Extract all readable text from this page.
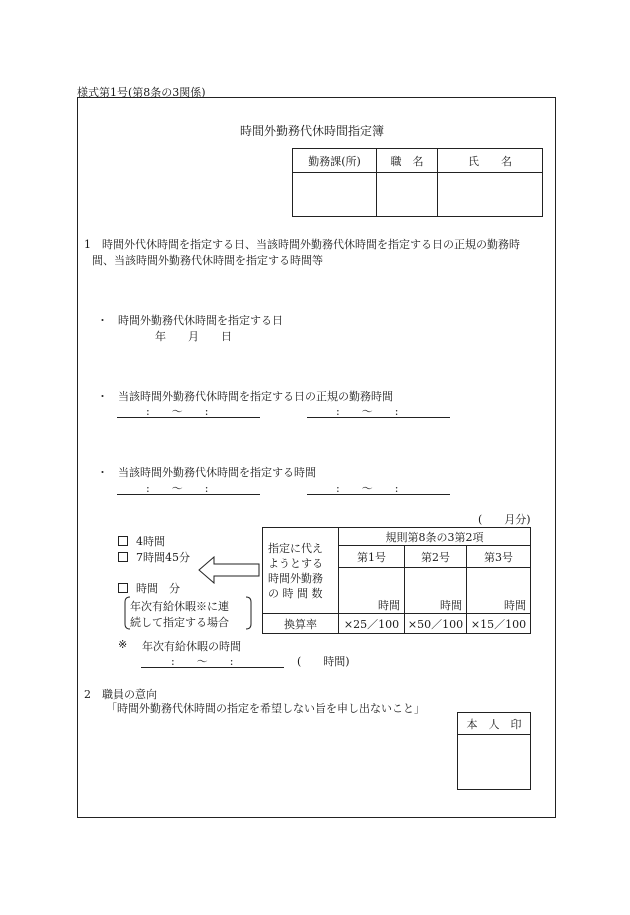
様式第1号(第8条の3関係)
時間外勤務代休時間指定簿
勤務課(所)	職　名	氏　　名

1　時間外代休時間を指定する日、当該時間外勤務代休時間を指定する日の正規の勤務時
間、当該時間外勤務代休時間を指定する時間等
・ 時間外勤務代休時間を指定する日
年　　月　　日
・ 当該時間外勤務代休時間を指定する日の正規の勤務時間
:　　〜　　:	:　　〜　　:
・ 当該時間外勤務代休時間を指定する時間
:　　〜　　:	:　　〜　　:
(　　月分)
4時間
7時間45分
時間　分
年次有給休暇※に連
続して指定する場合
※ 年次有給休暇の時間
:　　〜　　:	(　　時間)
指定に代え
ようとする
時間外勤務
の 時 間 数	規則第8条の3第2項		
	第1号	第2号	第3号
	時間	時間	時間
換算率	×25／100	×50／100	×15／100
2　職員の意向
「時間外勤務代休時間の指定を希望しない旨を申し出ないこと」
本　人　印
